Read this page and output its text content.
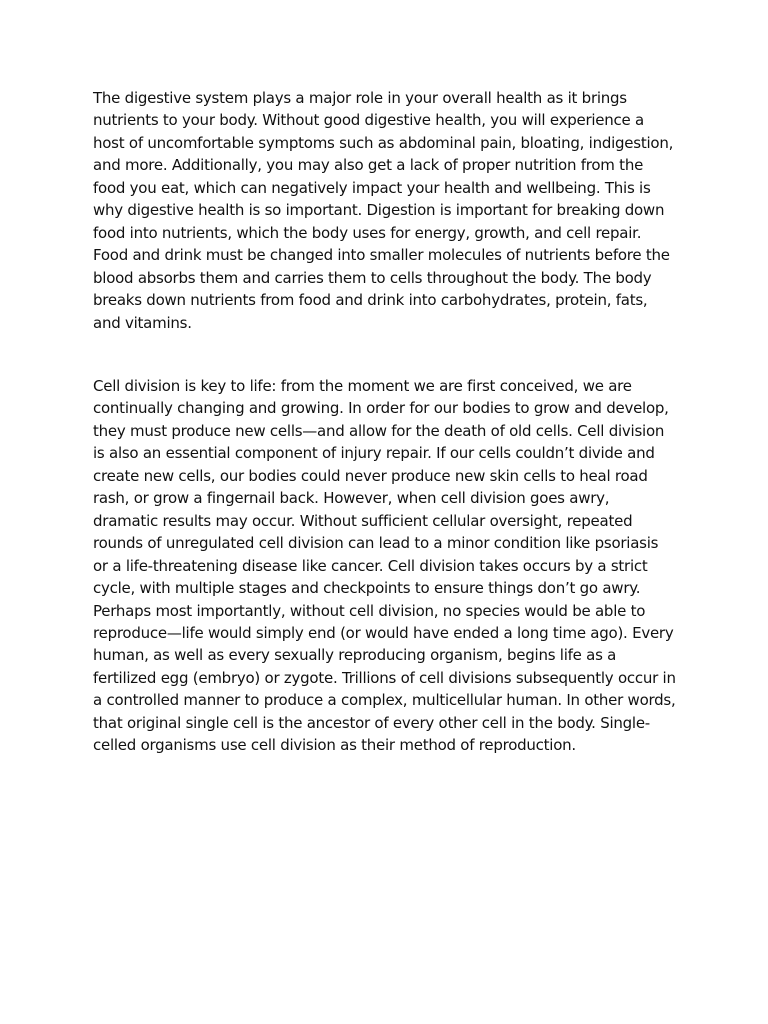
The digestive system plays a major role in your overall health as it brings nutrients to your body. Without good digestive health, you will experience a host of uncomfortable symptoms such as abdominal pain, bloating, indigestion, and more. Additionally, you may also get a lack of proper nutrition from the food you eat, which can negatively impact your health and wellbeing. This is why digestive health is so important. Digestion is important for breaking down food into nutrients, which the body uses for energy, growth, and cell repair. Food and drink must be changed into smaller molecules of nutrients before the blood absorbs them and carries them to cells throughout the body. The body breaks down nutrients from food and drink into carbohydrates, protein, fats, and vitamins.

Cell division is key to life: from the moment we are first conceived, we are continually changing and growing. In order for our bodies to grow and develop, they must produce new cells—and allow for the death of old cells. Cell division is also an essential component of injury repair. If our cells couldn’t divide and create new cells, our bodies could never produce new skin cells to heal road rash, or grow a fingernail back. However, when cell division goes awry, dramatic results may occur. Without sufficient cellular oversight, repeated rounds of unregulated cell division can lead to a minor condition like psoriasis or a life-threatening disease like cancer. Cell division takes occurs by a strict cycle, with multiple stages and checkpoints to ensure things don’t go awry. Perhaps most importantly, without cell division, no species would be able to reproduce—life would simply end (or would have ended a long time ago). Every human, as well as every sexually reproducing organism, begins life as a fertilized egg (embryo) or zygote. Trillions of cell divisions subsequently occur in a controlled manner to produce a complex, multicellular human. In other words, that original single cell is the ancestor of every other cell in the body. Single-celled organisms use cell division as their method of reproduction.
